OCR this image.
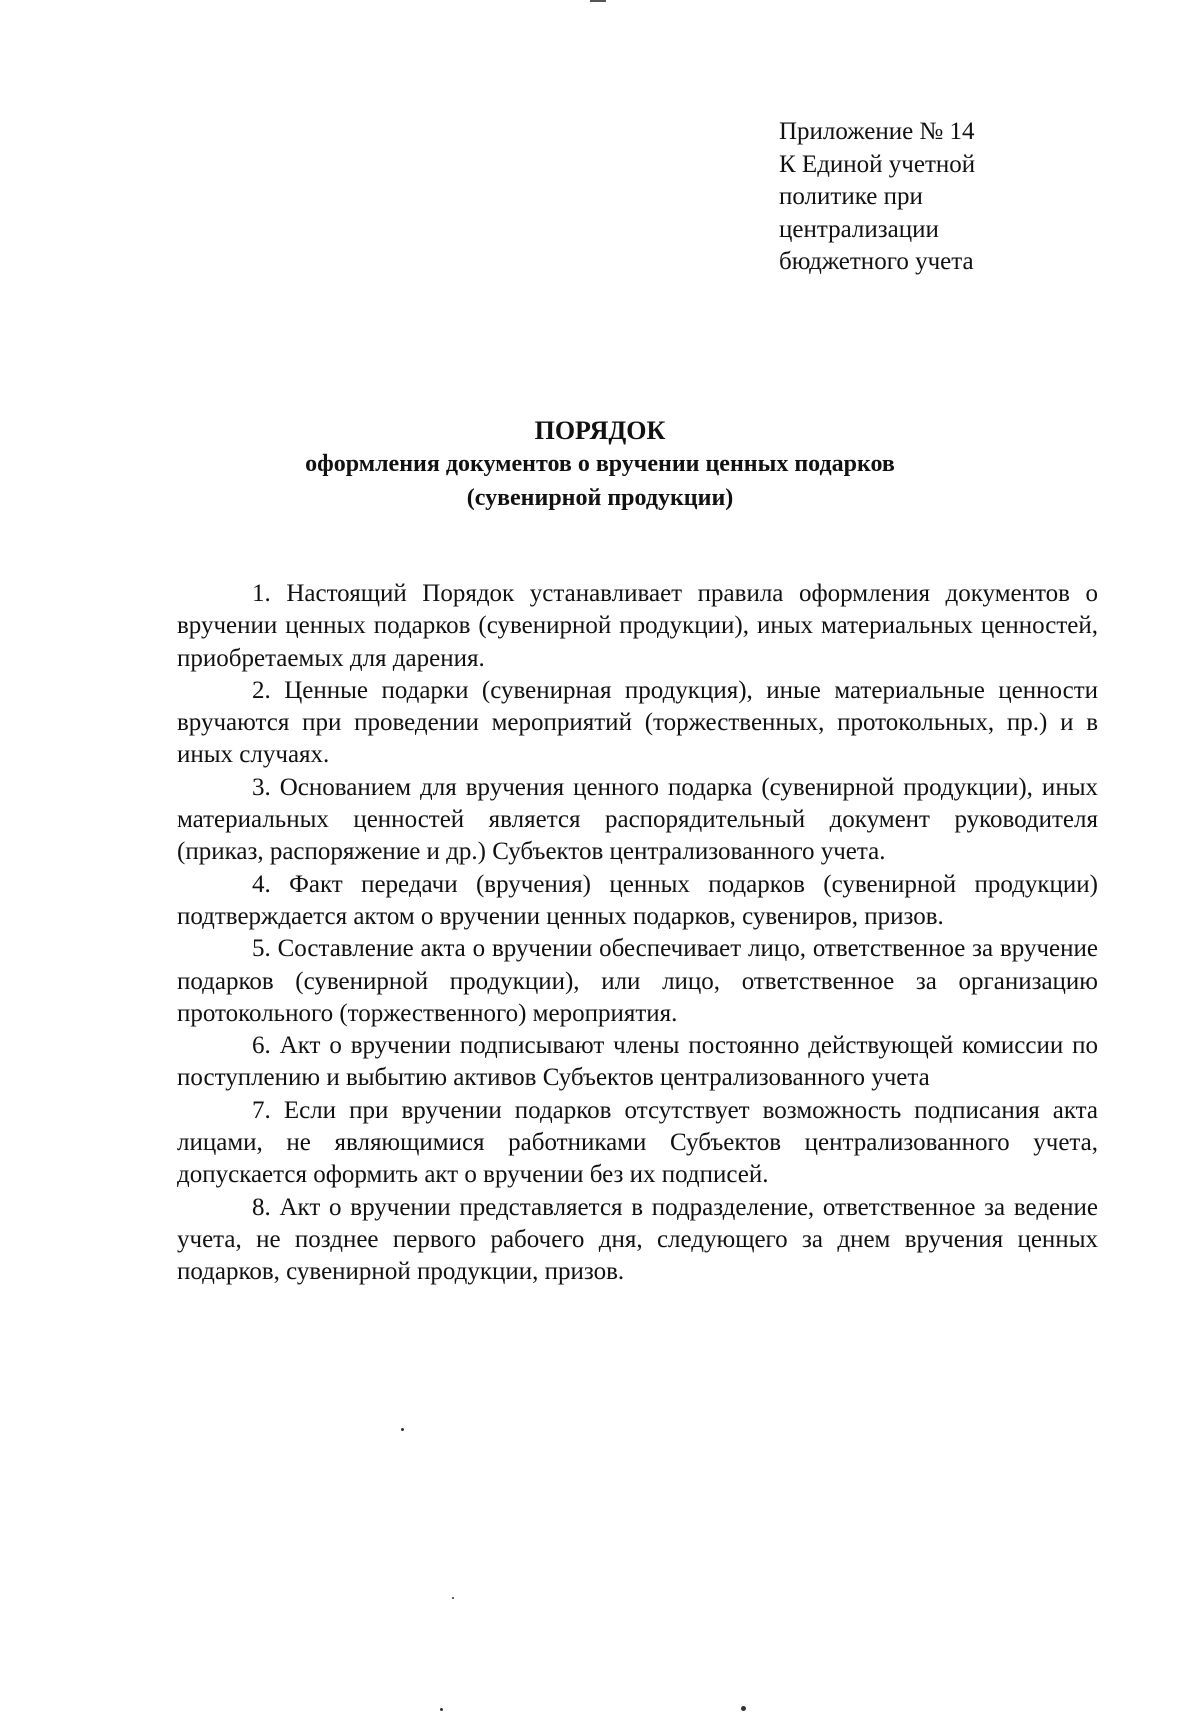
Приложение № 14
К Единой учетной
политике при
централизации
бюджетного учета
ПОРЯДОК
оформления документов о вручении ценных подарков
(сувенирной продукции)

1. Настоящий Порядок устанавливает правила оформления документов о вручении ценных подарков (сувенирной продукции), иных материальных ценностей, приобретаемых для дарения.

2. Ценные подарки (сувенирная продукция), иные материальные ценности вручаются при проведении мероприятий (торжественных, протокольных, пр.) и в иных случаях.

3. Основанием для вручения ценного подарка (сувенирной продукции), иных материальных ценностей является распорядительный документ руководителя (приказ, распоряжение и др.) Субъектов централизованного учета.

4. Факт передачи (вручения) ценных подарков (сувенирной продукции) подтверждается актом о вручении ценных подарков, сувениров, призов.

5. Составление акта о вручении обеспечивает лицо, ответственное за вручение подарков (сувенирной продукции), или лицо, ответственное за организацию протокольного (торжественного) мероприятия.

6. Акт о вручении подписывают члены постоянно действующей комиссии по поступлению и выбытию активов Субъектов централизованного учета

7. Если при вручении подарков отсутствует возможность подписания акта лицами, не являющимися работниками Субъектов централизованного учета, допускается оформить акт о вручении без их подписей.

8. Акт о вручении представляется в подразделение, ответственное за ведение учета, не позднее первого рабочего дня, следующего за днем вручения ценных подарков, сувенирной продукции, призов.
